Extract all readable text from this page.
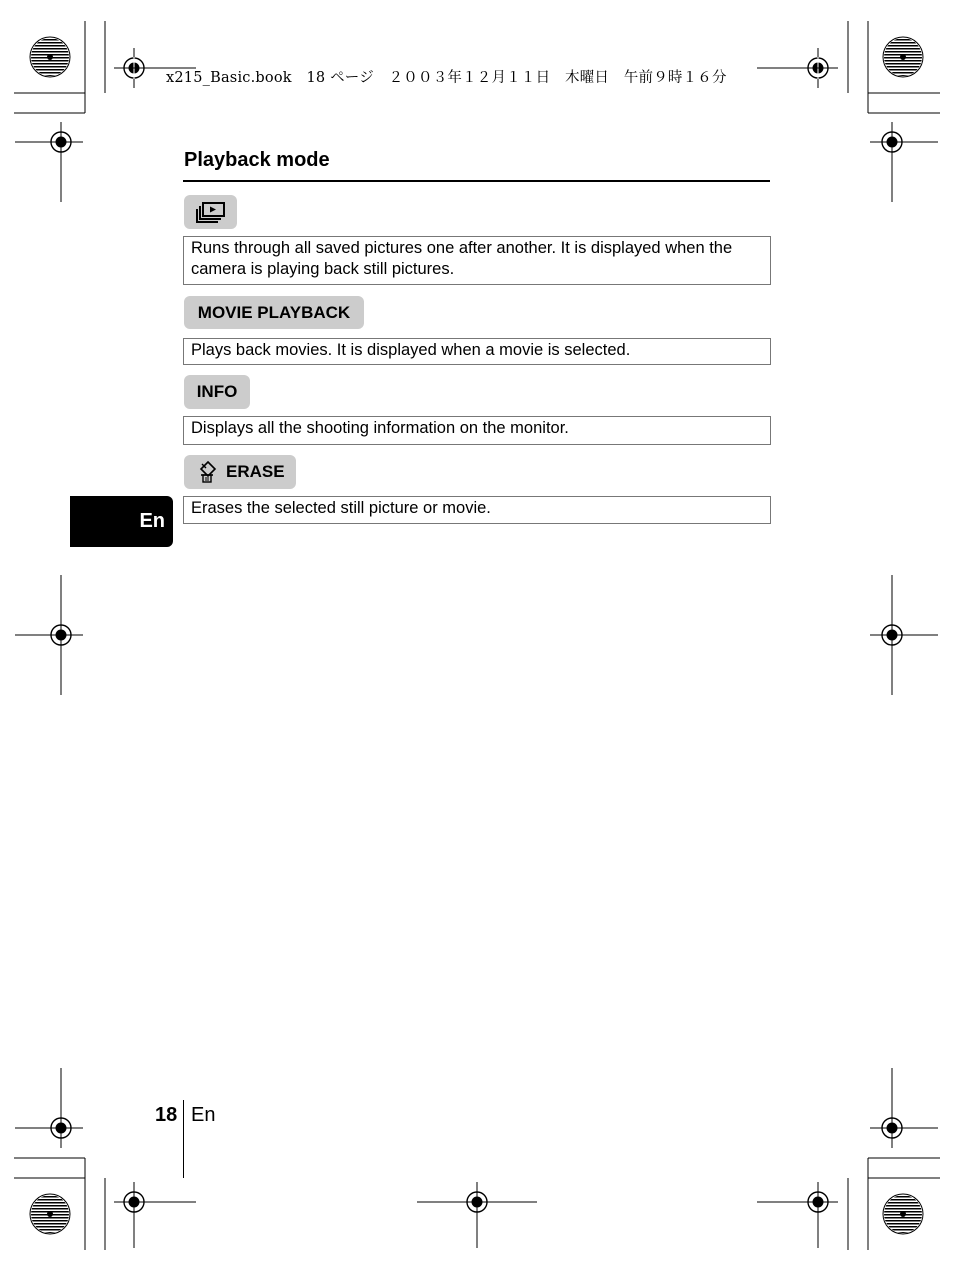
x215_Basic.book　18 ページ　２００３年１２月１１日　木曜日　午前９時１６分
Playback mode
Runs through all saved pictures one after another. It is displayed when the camera is playing back still pictures.
MOVIE PLAYBACK
Plays back movies. It is displayed when a movie is selected.
INFO
Displays all the shooting information on the monitor.
ERASE
Erases the selected still picture or movie.
En
18 En
